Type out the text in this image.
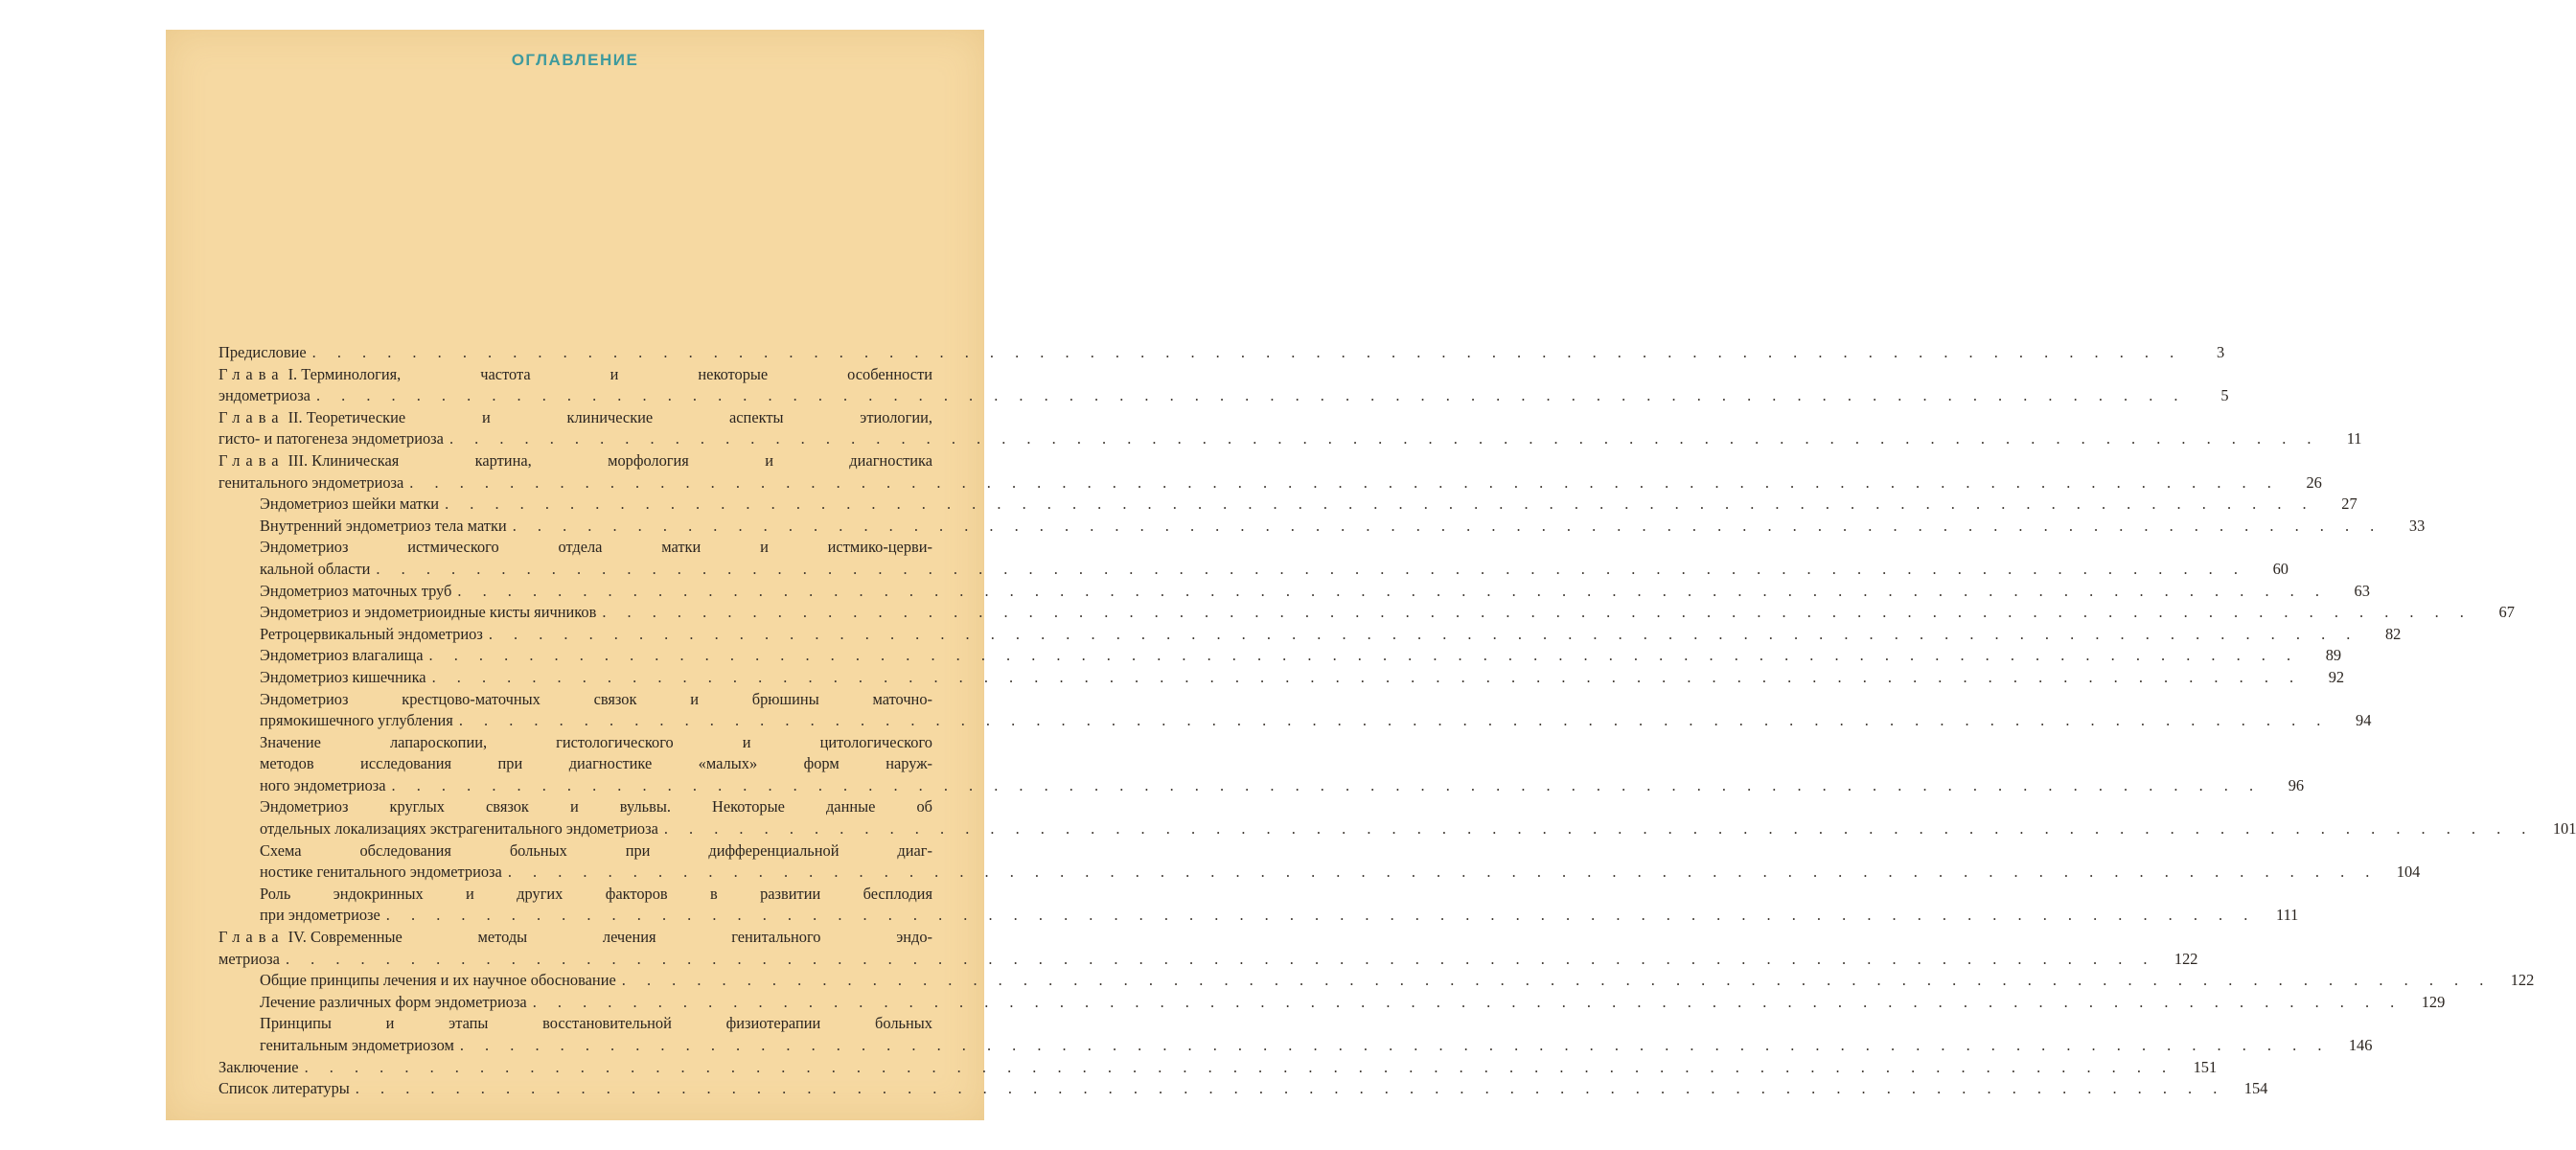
ОГЛАВЛЕНИЕ
Предисловие . . . . . . . . . . . . . . . . . . . . . . . . . . . . . . . . . . . . . . . . . . . . . . . . . . . . . . . . . . . . . . . . . . . . . . . . . . .	3
Глава I. Терминология, частота и некоторые особенности
эндометриоза . . . . . . . . . . . . . . . . . . . . . . . . . . . . . . . . . . . . . . . . . . . . . . . . . . . . . . . . . . . . . . . . . . . . . . . . . . .	5
Глава II. Теоретические и клинические аспекты этиологии,
гисто- и патогенеза эндометриоза . . . . . . . . . . . . . . . . . . . . . . . . . . . . . . . . . . . . . . . . . . . . . . . . . . . . . . . . . . . . . . . . . . . . . . . . . . .	11
Глава III. Клиническая картина, морфология и диагностика
генитального эндометриоза . . . . . . . . . . . . . . . . . . . . . . . . . . . . . . . . . . . . . . . . . . . . . . . . . . . . . . . . . . . . . . . . . . . . . . . . . . .	26
Эндометриоз шейки матки . . . . . . . . . . . . . . . . . . . . . . . . . . . . . . . . . . . . . . . . . . . . . . . . . . . . . . . . . . . . . . . . . . . . . . . . . . .	27
Внутренний эндометриоз тела матки . . . . . . . . . . . . . . . . . . . . . . . . . . . . . . . . . . . . . . . . . . . . . . . . . . . . . . . . . . . . . . . . . . . . . . . . . . .	33
Эндометриоз истмического отдела матки и истмико-церви-
кальной области . . . . . . . . . . . . . . . . . . . . . . . . . . . . . . . . . . . . . . . . . . . . . . . . . . . . . . . . . . . . . . . . . . . . . . . . . . .	60
Эндометриоз маточных труб . . . . . . . . . . . . . . . . . . . . . . . . . . . . . . . . . . . . . . . . . . . . . . . . . . . . . . . . . . . . . . . . . . . . . . . . . . .	63
Эндометриоз и эндометриоидные кисты яичников . . . . . . . . . . . . . . . . . . . . . . . . . . . . . . . . . . . . . . . . . . . . . . . . . . . . . . . . . . . . . . . . . . . . . . . . . . .	67
Ретроцервикальный эндометриоз . . . . . . . . . . . . . . . . . . . . . . . . . . . . . . . . . . . . . . . . . . . . . . . . . . . . . . . . . . . . . . . . . . . . . . . . . . .	82
Эндометриоз влагалища . . . . . . . . . . . . . . . . . . . . . . . . . . . . . . . . . . . . . . . . . . . . . . . . . . . . . . . . . . . . . . . . . . . . . . . . . . .	89
Эндометриоз кишечника . . . . . . . . . . . . . . . . . . . . . . . . . . . . . . . . . . . . . . . . . . . . . . . . . . . . . . . . . . . . . . . . . . . . . . . . . . .	92
Эндометриоз крестцово-маточных связок и брюшины маточно-
прямокишечного углубления . . . . . . . . . . . . . . . . . . . . . . . . . . . . . . . . . . . . . . . . . . . . . . . . . . . . . . . . . . . . . . . . . . . . . . . . . . .	94
Значение лапароскопии, гистологического и цитологического
методов исследования при диагностике «малых» форм наруж-
ного эндометриоза . . . . . . . . . . . . . . . . . . . . . . . . . . . . . . . . . . . . . . . . . . . . . . . . . . . . . . . . . . . . . . . . . . . . . . . . . . .	96
Эндометриоз круглых связок и вульвы. Некоторые данные об
отдельных локализациях экстрагенитального эндометриоза . . . . . . . . . . . . . . . . . . . . . . . . . . . . . . . . . . . . . . . . . . . . . . . . . . . . . . . . . . . . . . . . . . . . . . . . . . .	101
Схема обследования больных при дифференциальной диаг-
ностике генитального эндометриоза . . . . . . . . . . . . . . . . . . . . . . . . . . . . . . . . . . . . . . . . . . . . . . . . . . . . . . . . . . . . . . . . . . . . . . . . . . .	104
Роль эндокринных и других факторов в развитии бесплодия
при эндометриозе . . . . . . . . . . . . . . . . . . . . . . . . . . . . . . . . . . . . . . . . . . . . . . . . . . . . . . . . . . . . . . . . . . . . . . . . . . .	111
Глава IV. Современные методы лечения генитального эндо-
метриоза . . . . . . . . . . . . . . . . . . . . . . . . . . . . . . . . . . . . . . . . . . . . . . . . . . . . . . . . . . . . . . . . . . . . . . . . . . .	122
Общие принципы лечения и их научное обоснование . . . . . . . . . . . . . . . . . . . . . . . . . . . . . . . . . . . . . . . . . . . . . . . . . . . . . . . . . . . . . . . . . . . . . . . . . . .	122
Лечение различных форм эндометриоза . . . . . . . . . . . . . . . . . . . . . . . . . . . . . . . . . . . . . . . . . . . . . . . . . . . . . . . . . . . . . . . . . . . . . . . . . . .	129
Принципы и этапы восстановительной физиотерапии больных
генитальным эндометриозом . . . . . . . . . . . . . . . . . . . . . . . . . . . . . . . . . . . . . . . . . . . . . . . . . . . . . . . . . . . . . . . . . . . . . . . . . . .	146
Заключение . . . . . . . . . . . . . . . . . . . . . . . . . . . . . . . . . . . . . . . . . . . . . . . . . . . . . . . . . . . . . . . . . . . . . . . . . . .	151
Список литературы . . . . . . . . . . . . . . . . . . . . . . . . . . . . . . . . . . . . . . . . . . . . . . . . . . . . . . . . . . . . . . . . . . . . . . . . . . .	154
